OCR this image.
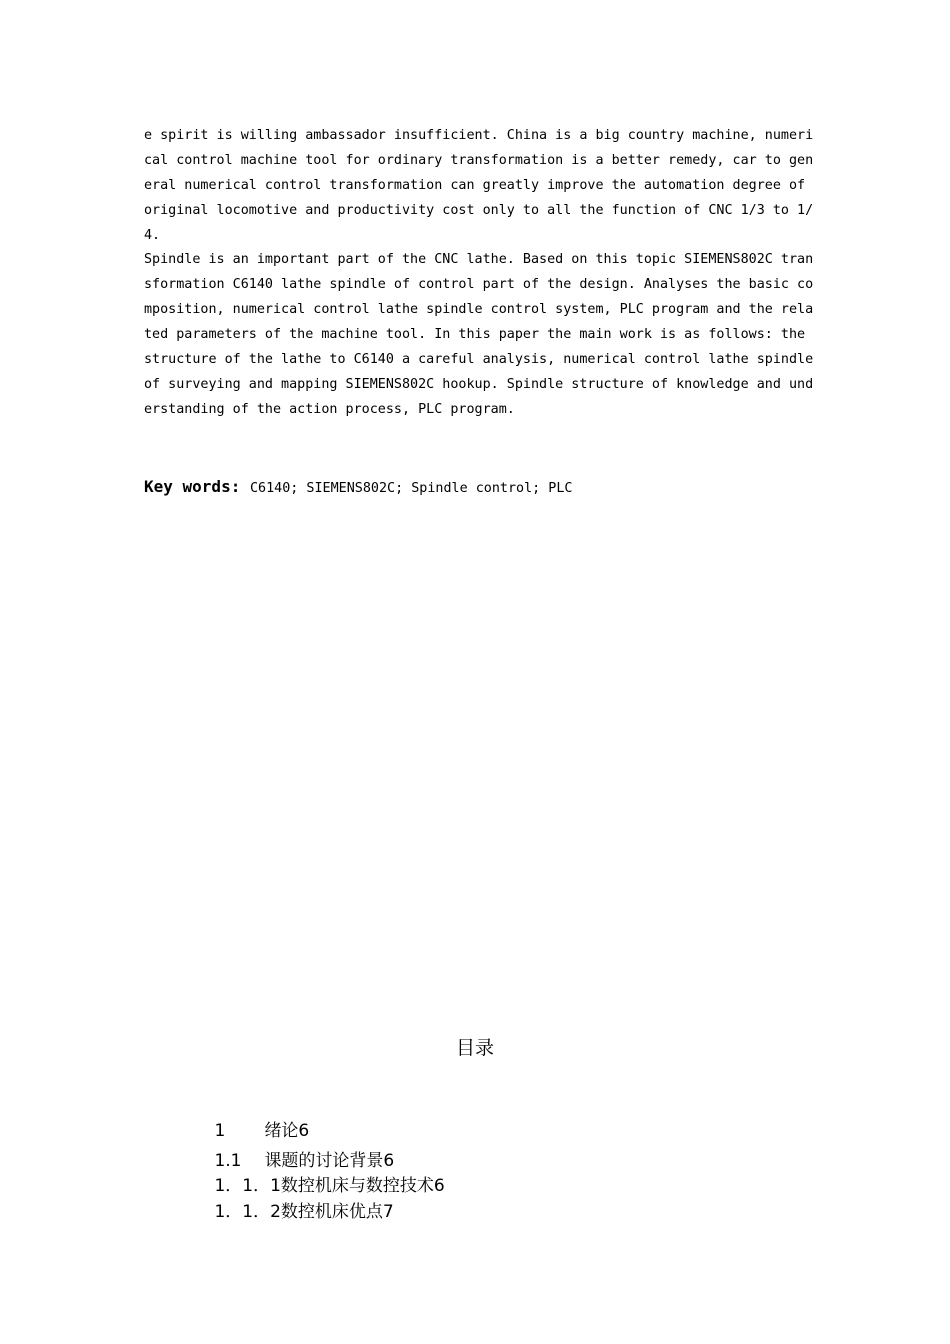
e spirit is willing ambassador insufficient. China is a big country machine, numeri
cal control machine tool for ordinary transformation is a better remedy, car to gen
eral numerical control transformation can greatly improve the automation degree of
original locomotive and productivity cost only to all the function of CNC 1/3 to 1/
4.
Spindle is an important part of the CNC lathe. Based on this topic SIEMENS802C tran
sformation C6140 lathe spindle of control part of the design. Analyses the basic co
mposition, numerical control lathe spindle control system, PLC program and the rela
ted parameters of the machine tool. In this paper the main work is as follows: the
structure of the lathe to C6140 a careful analysis, numerical control lathe spindle
of surveying and mapping SIEMENS802C hookup. Spindle structure of knowledge and und
erstanding of the action process, PLC program.
Key words: C6140; SIEMENS802C; Spindle control; PLC
目录

1 绪论6

1.1 课题的讨论背景6

1．1．1数控机床与数控技术6

1．1．2数控机床优点7
